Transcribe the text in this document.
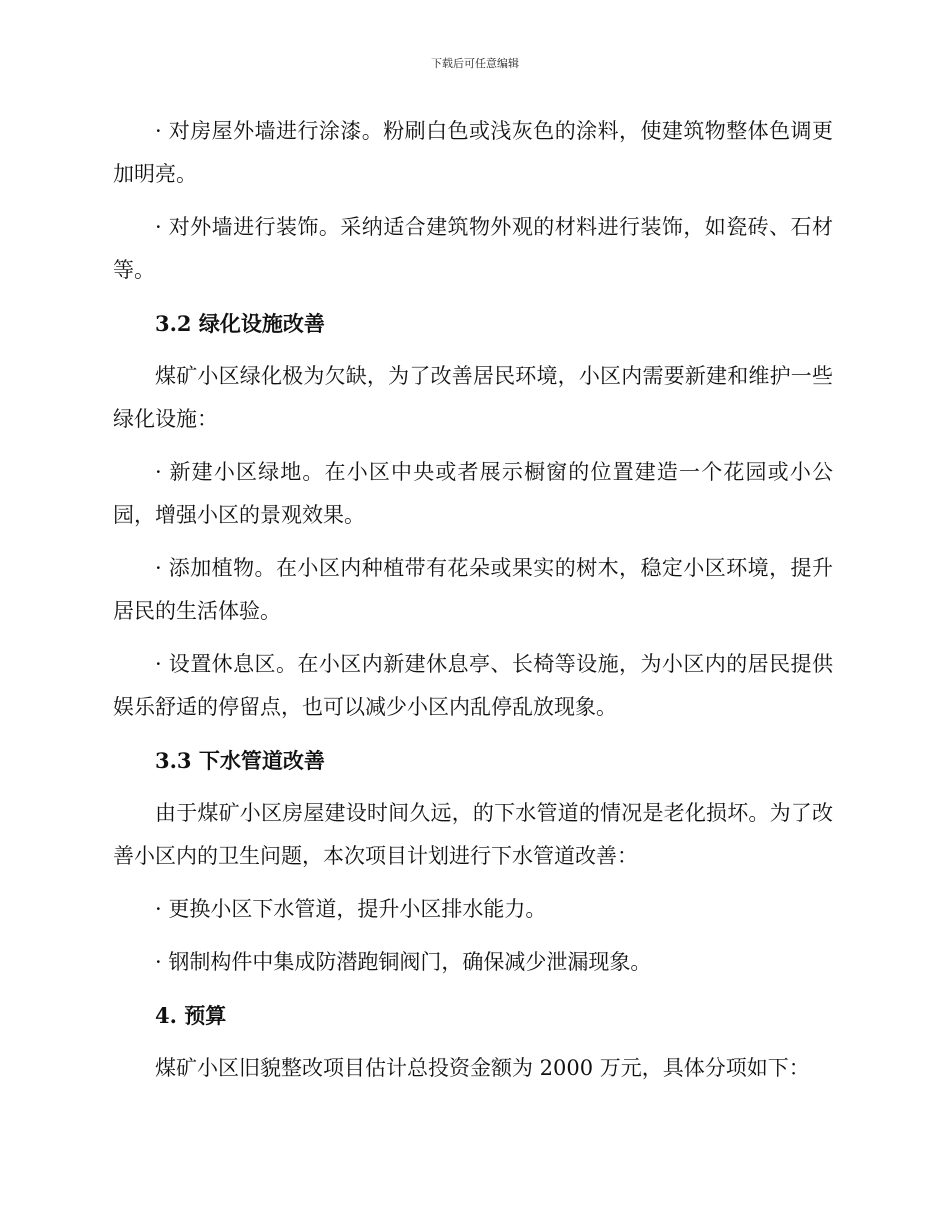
下载后可任意编辑

· 对房屋外墙进行涂漆。粉刷白色或浅灰色的涂料，使建筑物整体色调更加明亮。

· 对外墙进行装饰。采纳适合建筑物外观的材料进行装饰，如瓷砖、石材等。

3.2 绿化设施改善

煤矿小区绿化极为欠缺，为了改善居民环境，小区内需要新建和维护一些绿化设施：

· 新建小区绿地。在小区中央或者展示橱窗的位置建造一个花园或小公园，增强小区的景观效果。

· 添加植物。在小区内种植带有花朵或果实的树木，稳定小区环境，提升居民的生活体验。

· 设置休息区。在小区内新建休息亭、长椅等设施，为小区内的居民提供娱乐舒适的停留点，也可以减少小区内乱停乱放现象。

3.3 下水管道改善

由于煤矿小区房屋建设时间久远，的下水管道的情况是老化损坏。为了改善小区内的卫生问题，本次项目计划进行下水管道改善：

· 更换小区下水管道，提升小区排水能力。

· 钢制构件中集成防潜跑铜阀门，确保减少泄漏现象。

4. 预算

煤矿小区旧貌整改项目估计总投资金额为 2000 万元，具体分项如下：
